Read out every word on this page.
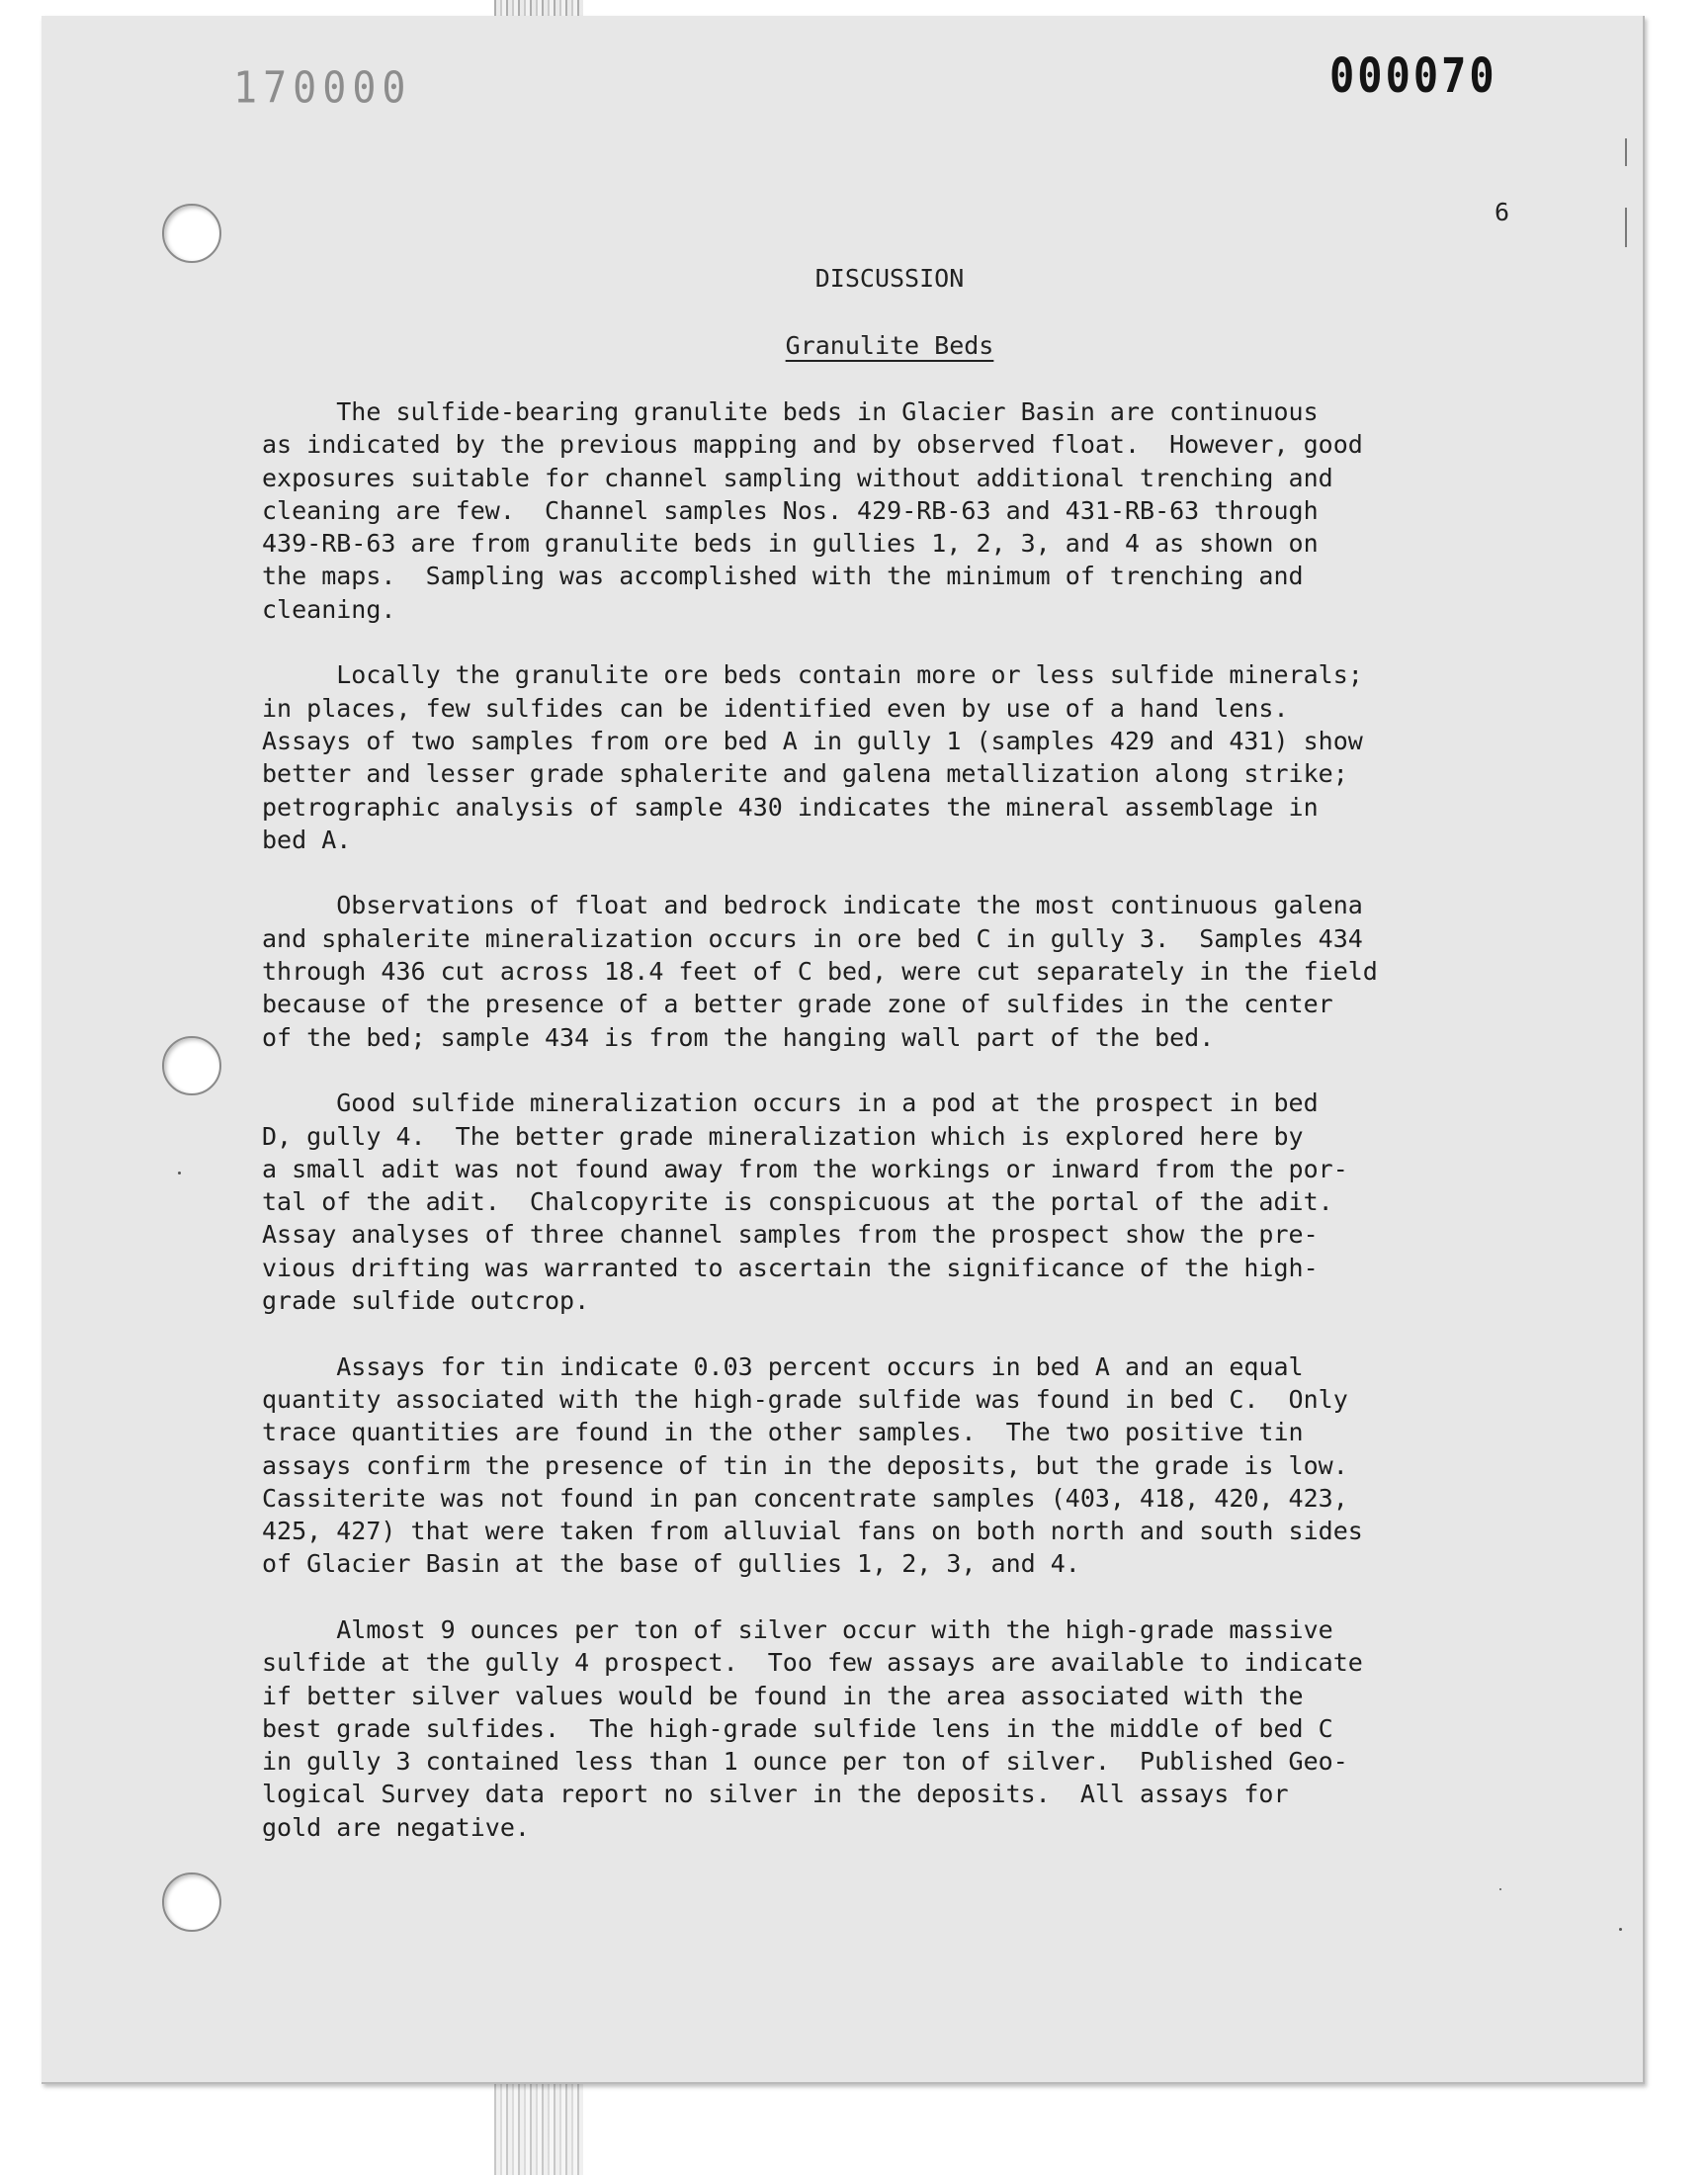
170000	000070
6
DISCUSSION
Granulite Beds

The sulfide-bearing granulite beds in Glacier Basin are continuous
as indicated by the previous mapping and by observed float.  However, good
exposures suitable for channel sampling without additional trenching and
cleaning are few.  Channel samples Nos. 429-RB-63 and 431-RB-63 through
439-RB-63 are from granulite beds in gullies 1, 2, 3, and 4 as shown on
the maps.  Sampling was accomplished with the minimum of trenching and
cleaning.

Locally the granulite ore beds contain more or less sulfide minerals;
in places, few sulfides can be identified even by use of a hand lens.
Assays of two samples from ore bed A in gully 1 (samples 429 and 431) show
better and lesser grade sphalerite and galena metallization along strike;
petrographic analysis of sample 430 indicates the mineral assemblage in
bed A.

Observations of float and bedrock indicate the most continuous galena
and sphalerite mineralization occurs in ore bed C in gully 3.  Samples 434
through 436 cut across 18.4 feet of C bed, were cut separately in the field
because of the presence of a better grade zone of sulfides in the center
of the bed; sample 434 is from the hanging wall part of the bed.

Good sulfide mineralization occurs in a pod at the prospect in bed
D, gully 4.  The better grade mineralization which is explored here by
a small adit was not found away from the workings or inward from the por-
tal of the adit.  Chalcopyrite is conspicuous at the portal of the adit.
Assay analyses of three channel samples from the prospect show the pre-
vious drifting was warranted to ascertain the significance of the high-
grade sulfide outcrop.

Assays for tin indicate 0.03 percent occurs in bed A and an equal
quantity associated with the high-grade sulfide was found in bed C.  Only
trace quantities are found in the other samples.  The two positive tin
assays confirm the presence of tin in the deposits, but the grade is low.
Cassiterite was not found in pan concentrate samples (403, 418, 420, 423,
425, 427) that were taken from alluvial fans on both north and south sides
of Glacier Basin at the base of gullies 1, 2, 3, and 4.

Almost 9 ounces per ton of silver occur with the high-grade massive
sulfide at the gully 4 prospect.  Too few assays are available to indicate
if better silver values would be found in the area associated with the
best grade sulfides.  The high-grade sulfide lens in the middle of bed C
in gully 3 contained less than 1 ounce per ton of silver.  Published Geo-
logical Survey data report no silver in the deposits.  All assays for
gold are negative.
